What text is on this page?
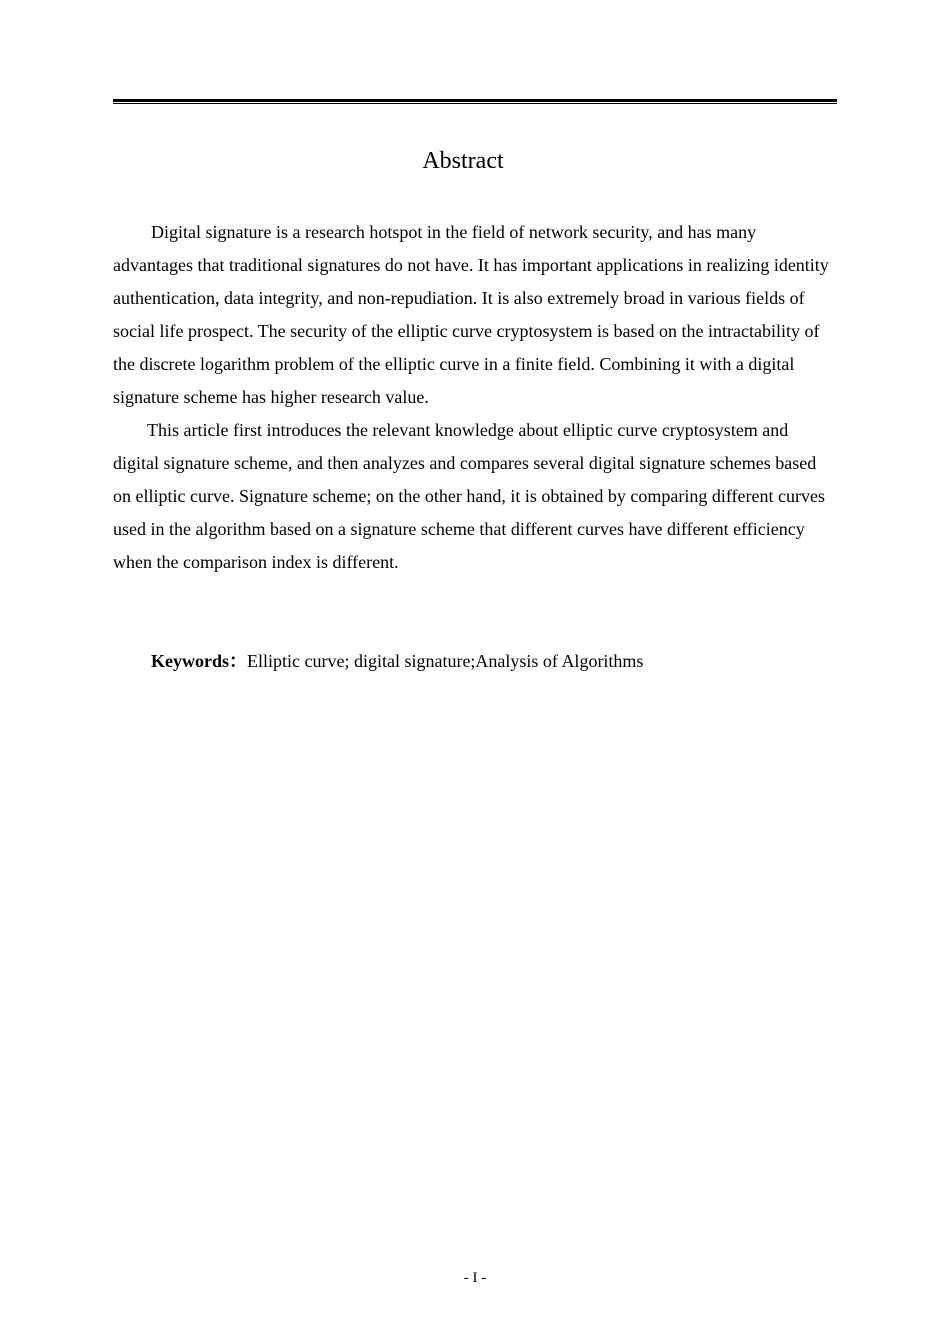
Abstract

Digital signature is a research hotspot in the field of network security, and has many advantages that traditional signatures do not have. It has important applications in realizing identity authentication, data integrity, and non-repudiation. It is also extremely broad in various fields of social life prospect. The security of the elliptic curve cryptosystem is based on the intractability of the discrete logarithm problem of the elliptic curve in a finite field. Combining it with a digital signature scheme has higher research value.

This article first introduces the relevant knowledge about elliptic curve cryptosystem and digital signature scheme, and then analyzes and compares several digital signature schemes based on elliptic curve. Signature scheme; on the other hand, it is obtained by comparing different curves used in the algorithm based on a signature scheme that different curves have different efficiency when the comparison index is different.

Keywords：Elliptic curve; digital signature;Analysis of Algorithms
- I -
